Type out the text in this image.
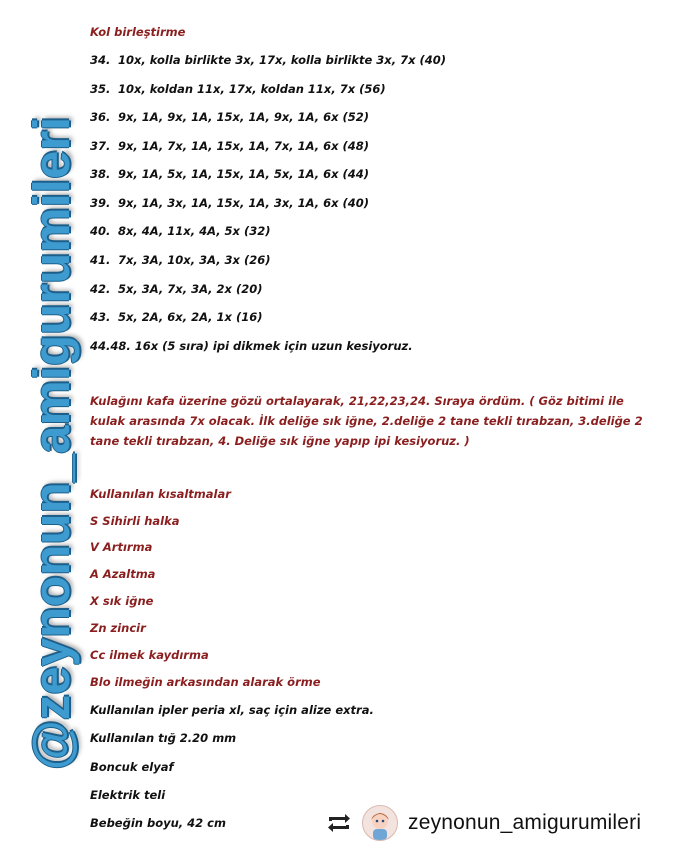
@zeynonun_amigurumileri
Kol birleştirme
34. 10x, kolla birlikte 3x, 17x, kolla birlikte 3x, 7x (40)
35. 10x, koldan 11x, 17x, koldan 11x, 7x (56)
36. 9x, 1A, 9x, 1A, 15x, 1A, 9x, 1A, 6x (52)
37. 9x, 1A, 7x, 1A, 15x, 1A, 7x, 1A, 6x (48)
38. 9x, 1A, 5x, 1A, 15x, 1A, 5x, 1A, 6x (44)
39. 9x, 1A, 3x, 1A, 15x, 1A, 3x, 1A, 6x (40)
40. 8x, 4A, 11x, 4A, 5x (32)
41. 7x, 3A, 10x, 3A, 3x (26)
42. 5x, 3A, 7x, 3A, 2x (20)
43. 5x, 2A, 6x, 2A, 1x (16)
44.48. 16x (5 sıra) ipi dikmek için uzun kesiyoruz.
Kulağını kafa üzerine gözü ortalayarak, 21,22,23,24. Sıraya ördüm. ( Göz bitimi ile kulak arasında 7x olacak. İlk deliğe sık iğne, 2.deliğe 2 tane tekli tırabzan, 3.deliğe 2 tane tekli tırabzan, 4. Deliğe sık iğne yapıp ipi kesiyoruz. )
Kullanılan kısaltmalar
S Sihirli halka
V Artırma
A Azaltma
X sık iğne
Zn zincir
Cc ilmek kaydırma
Blo ilmeğin arkasından alarak örme
Kullanılan ipler peria xl, saç için alize extra.
Kullanılan tığ 2.20 mm
Boncuk elyaf
Elektrik teli
Bebeğin boyu, 42 cm	zeynonun_amigurumileri
